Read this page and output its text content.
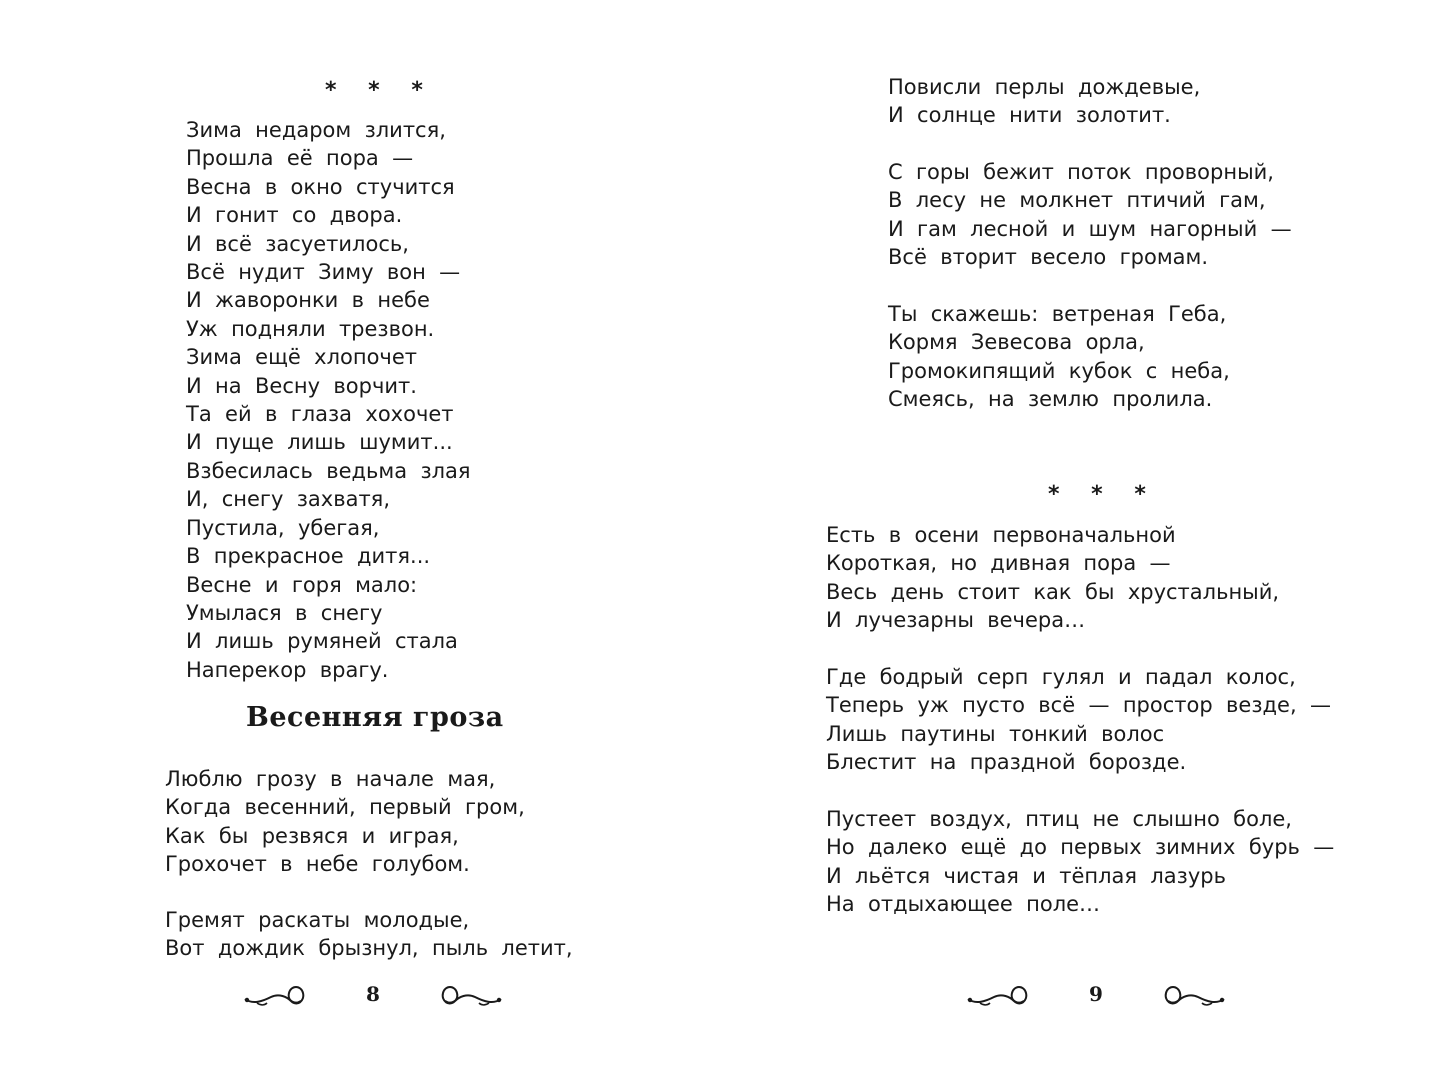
* * *
Зима  недаром  злится,
Прошла  её  пора  —
Весна  в  окно  стучится
И  гонит  со  двора.
И  всё  засуетилось,
Всё  нудит  Зиму  вон  —
И  жаворонки  в  небе
Уж  подняли  трезвон.
Зима  ещё  хлопочет
И  на  Весну  ворчит.
Та  ей  в  глаза  хохочет
И  пуще  лишь  шумит...
Взбесилась  ведьма  злая
И,  снегу  захватя,
Пустила,  убегая,
В  прекрасное  дитя...
Весне  и  горя  мало:
Умылася  в  снегу
И  лишь  румяней  стала
Наперекор  врагу.
Весенняя гроза
Люблю  грозу  в  начале  мая,
Когда  весенний,  первый  гром,
Как  бы  резвяся  и  играя,
Грохочет  в  небе  голубом.
Гремят  раскаты  молодые,
Вот  дождик  брызнул,  пыль  летит,
8
Повисли  перлы  дождевые,
И  солнце  нити  золотит.
С  горы  бежит  поток  проворный,
В  лесу  не  молкнет  птичий  гам,
И  гам  лесной  и  шум  нагорный  —
Всё  вторит  весело  громам.
Ты  скажешь:  ветреная  Геба,
Кормя  Зевесова  орла,
Громокипящий  кубок  с  неба,
Смеясь,  на  землю  пролила.
* * *
Есть  в  осени  первоначальной
Короткая,  но  дивная  пора  —
Весь  день  стоит  как  бы  хрустальный,
И  лучезарны  вечера…
Где  бодрый  серп  гулял  и  падал  колос,
Теперь  уж  пусто  всё  —  простор  везде,  —
Лишь  паутины  тонкий  волос
Блестит  на  праздной  борозде.
Пустеет  воздух,  птиц  не  слышно  боле,
Но  далеко  ещё  до  первых  зимних  бурь  —
И  льётся  чистая  и  тёплая  лазурь
На  отдыхающее  поле…
9
